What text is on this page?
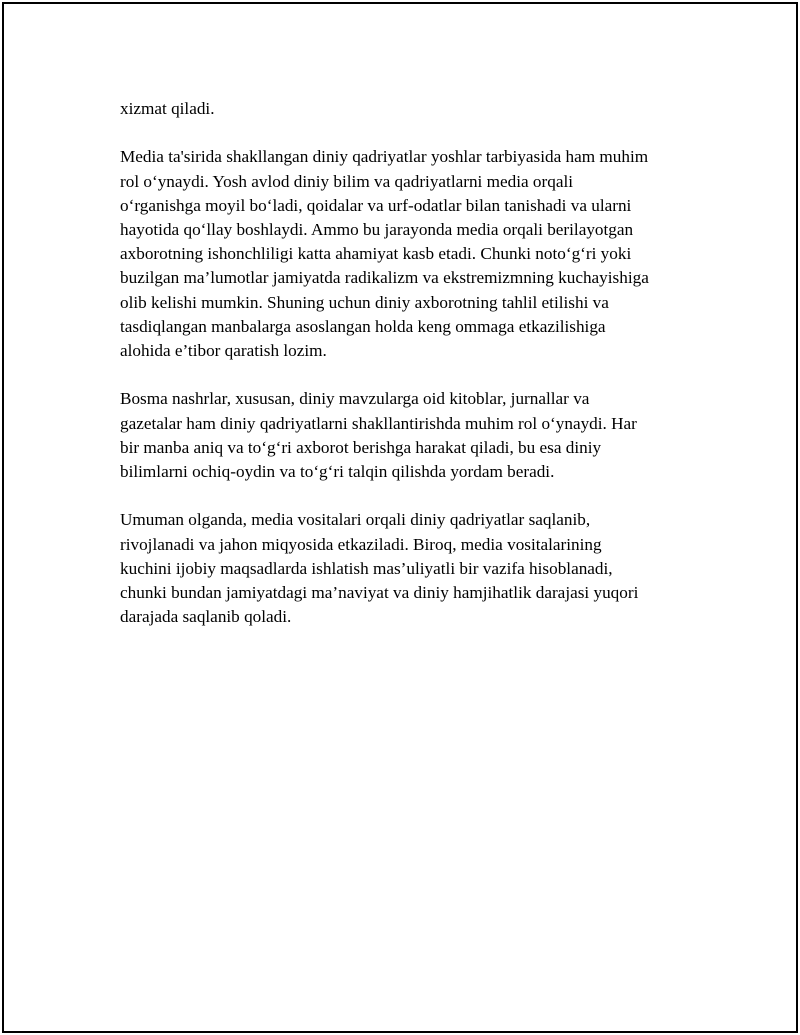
xizmat qiladi.

Media ta'sirida shakllangan diniy qadriyatlar yoshlar tarbiyasida ham muhim
rol o‘ynaydi. Yosh avlod diniy bilim va qadriyatlarni media orqali
o‘rganishga moyil bo‘ladi, qoidalar va urf-odatlar bilan tanishadi va ularni
hayotida qo‘llay boshlaydi. Ammo bu jarayonda media orqali berilayotgan
axborotning ishonchliligi katta ahamiyat kasb etadi. Chunki noto‘g‘ri yoki
buzilgan ma’lumotlar jamiyatda radikalizm va ekstremizmning kuchayishiga
olib kelishi mumkin. Shuning uchun diniy axborotning tahlil etilishi va
tasdiqlangan manbalarga asoslangan holda keng ommaga etkazilishiga
alohida e’tibor qaratish lozim.

Bosma nashrlar, xususan, diniy mavzularga oid kitoblar, jurnallar va
gazetalar ham diniy qadriyatlarni shakllantirishda muhim rol o‘ynaydi. Har
bir manba aniq va to‘g‘ri axborot berishga harakat qiladi, bu esa diniy
bilimlarni ochiq-oydin va to‘g‘ri talqin qilishda yordam beradi.

Umuman olganda, media vositalari orqali diniy qadriyatlar saqlanib,
rivojlanadi va jahon miqyosida etkaziladi. Biroq, media vositalarining
kuchini ijobiy maqsadlarda ishlatish mas’uliyatli bir vazifa hisoblanadi,
chunki bundan jamiyatdagi ma’naviyat va diniy hamjihatlik darajasi yuqori
darajada saqlanib qoladi.
